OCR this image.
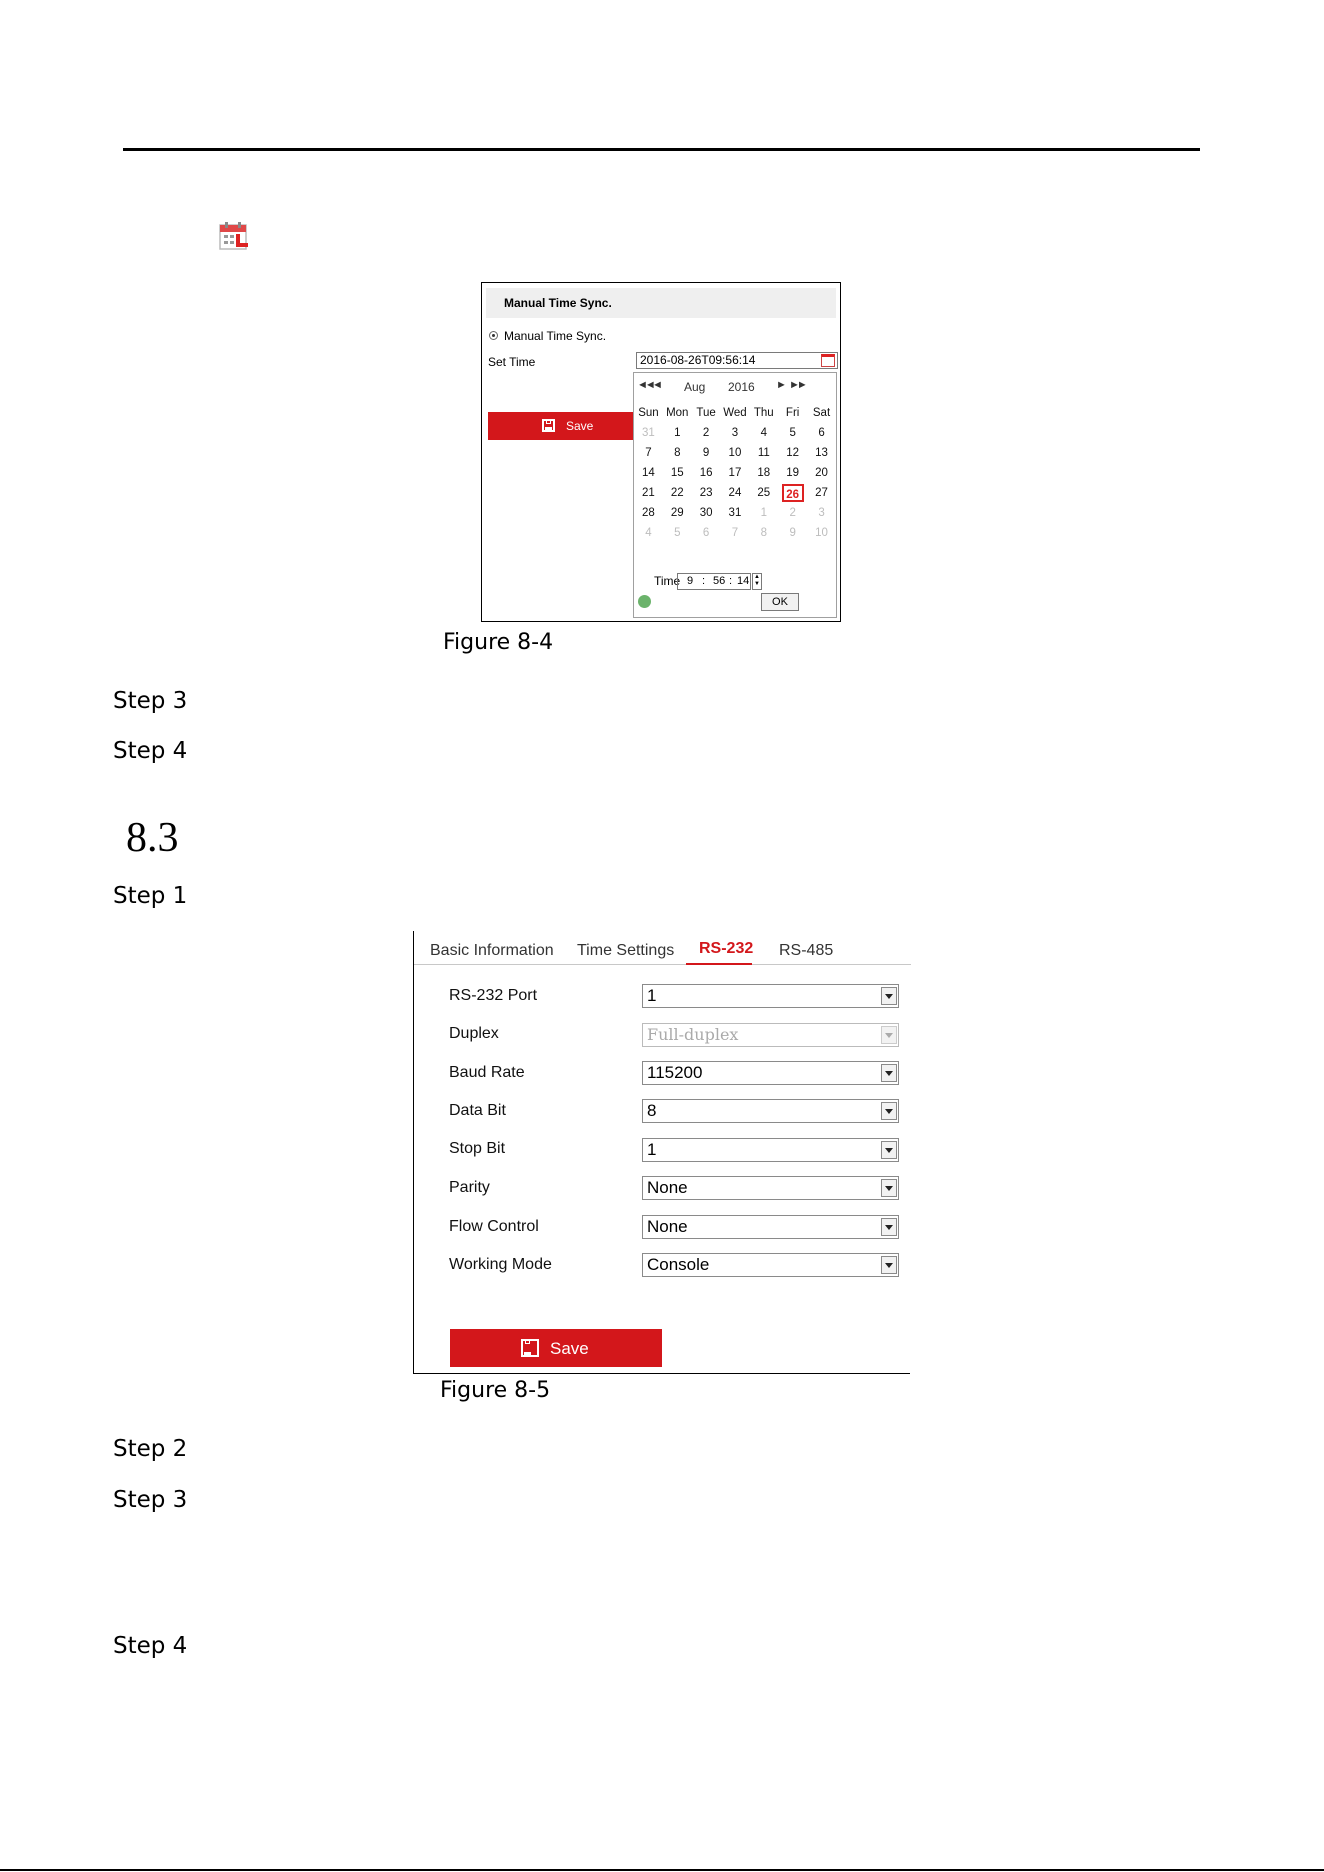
Manual Time Sync.
Manual Time Sync.
Set Time	2016-08-26T09:56:14
Save
◄◄ ◄ Aug 2016 ► ►►
Sun	Mon	Tue	Wed	Thu	Fri	Sat
31	1	2	3	4	5	6
7	8	9	10	11	12	13
14	15	16	17	18	19	20
21	22	23	24	25	26	27
28	29	30	31	1	2	3
4	5	6	7	8	9	10
Time 9 : 56 : 14 ▲
▼
OK
Figure 8-4
Step 3
Step 4
8.3
Step 1
Basic Information Time Settings RS-232 RS-485
RS-232 Port	1
Duplex	Full-duplex
Baud Rate	115200
Data Bit	8
Stop Bit	1
Parity	None
Flow Control	None
Working Mode	Console
Save
Figure 8-5
Step 2
Step 3
Step 4
